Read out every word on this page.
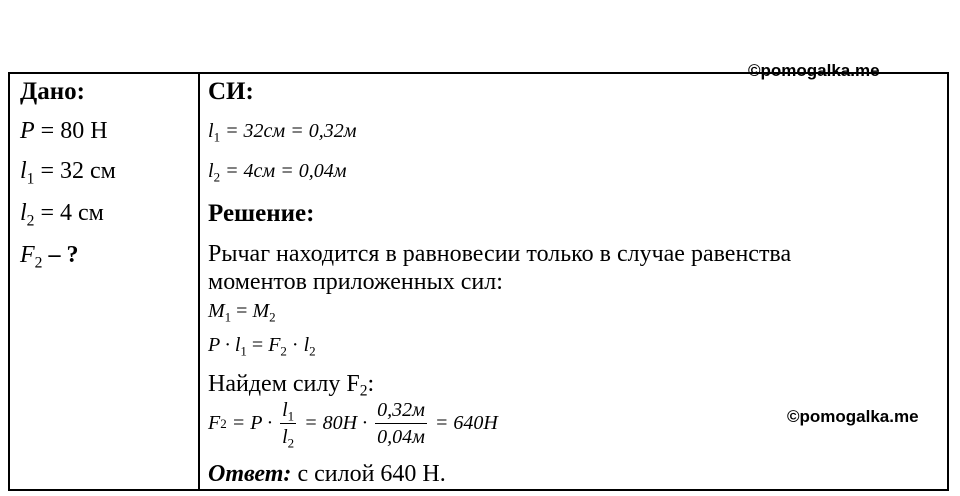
©pomogalka.me
Дано:
P = 80 Н
$l_1 = 32$ см
$l_2 = 4$ см
$F_2$ – ?
СИ:
$l_1 = 32см = 0,32м$
$l_2 = 4см = 0,04м$
Решение:
Рычаг находится в равновесии только в случае равенства
моментов приложенных сил:
$M_1 = M_2$
$P \cdot l_1 = F_2 \cdot l_2$
Найдем силу $F_2$:
F $2 = P \cdot \frac{l_1}{l_2} = 80Н \cdot \frac{0,32м}{0,04м} = 640Н$
Ответ: с силой 640 Н.
©pomogalka.me
